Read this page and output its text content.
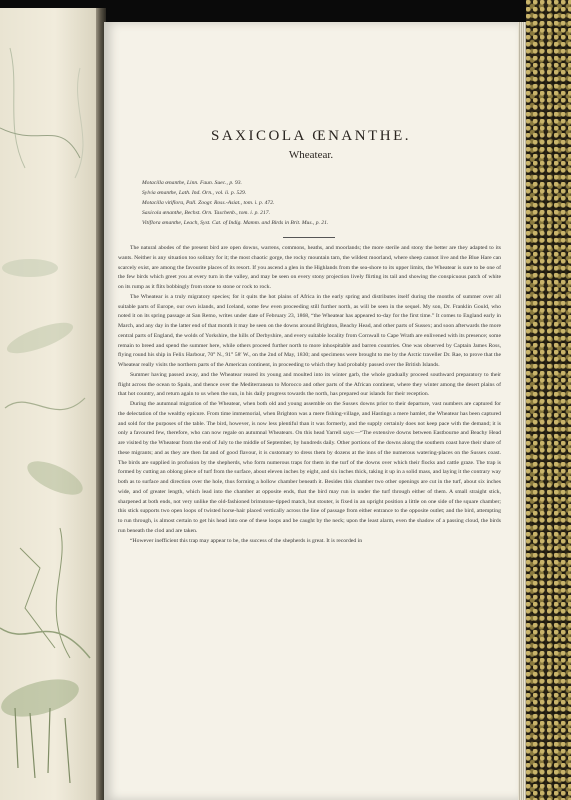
SAXICOLA ŒNANTHE.
Wheatear.
Motacilla œnanthe, Linn. Faun. Suec., p. 93.
Sylvia œnanthe, Lath. Ind. Orn., vol. ii. p. 529.
Motacilla vitiflora, Pall. Zoogr. Ross.-Asiat., tom. i. p. 472.
Saxicola œnanthe, Bechst. Orn. Taschenb., tom. i. p. 217.
Vitiflora œnanthe, Leach, Syst. Cat. of Indig. Mamm. and Birds in Brit. Mus., p. 21.

The natural abodes of the present bird are open downs, warrens, commons, heaths, and moorlands; the more sterile and stony the better are they adapted to its wants. Neither is any situation too solitary for it; the most chaotic gorge, the rocky mountain tarn, the wildest moorland, where sheep cannot live and the Blue Hare can scarcely exist, are among the favourite places of its resort. If you ascend a glen in the Highlands from the sea-shore to its upper limits, the Wheatear is sure to be one of the few birds which greet you at every turn in the valley, and may be seen on every stony projection lively flirting its tail and showing the conspicuous patch of white on its rump as it flits bobbingly from stone to stone or rock to rock.

The Wheatear is a truly migratory species; for it quits the hot plains of Africa in the early spring and distributes itself during the months of summer over all suitable parts of Europe, our own islands, and Iceland, some few even proceeding still further north, as will be seen in the sequel. My son, Dr. Franklin Gould, who noted it on its spring passage at San Remo, writes under date of February 23, 1868, “the Wheatear has appeared to-day for the first time.” It comes to England early in March, and any day in the latter end of that month it may be seen on the downs around Brighton, Beachy Head, and other parts of Sussex; and soon afterwards the more central parts of England, the wolds of Yorkshire, the hills of Derbyshire, and every suitable locality from Cornwall to Cape Wrath are enlivened with its presence; some remain to breed and spend the summer here, while others proceed further north to more inhospitable and barren countries. One was observed by Captain James Ross, flying round his ship in Felix Harbour, 70° N., 91° 58′ W., on the 2nd of May, 1830; and specimens were brought to me by the Arctic traveller Dr. Rae, to prove that the Wheatear really visits the northern parts of the American continent, in proceeding to which they had probably passed over the British Islands.

Summer having passed away, and the Wheatear reared its young and moulted into its winter garb, the whole gradually proceed southward preparatory to their flight across the ocean to Spain, and thence over the Mediterranean to Morocco and other parts of the African continent, where they winter among the desert plains of that hot country, and return again to us when the sun, in his daily progress towards the north, has prepared our islands for their reception.

During the autumnal migration of the Wheatear, when both old and young assemble on the Sussex downs prior to their departure, vast numbers are captured for the delectation of the wealthy epicure. From time immemorial, when Brighton was a mere fishing-village, and Hastings a mere hamlet, the Wheatear has been captured and sold for the purposes of the table. The bird, however, is now less plentiful than it was formerly, and the supply certainly does not keep pace with the demand; it is only a favoured few, therefore, who can now regale on autumnal Wheatears. On this head Yarrell says:—“The extensive downs between Eastbourne and Beachy Head are visited by the Wheatear from the end of July to the middle of September, by hundreds daily. Other portions of the downs along the southern coast have their share of these migrants; and as they are then fat and of good flavour, it is customary to dress them by dozens at the inns of the numerous watering-places on the Sussex coast. The birds are supplied in profusion by the shepherds, who form numerous traps for them in the turf of the downs over which their flocks and cattle graze. The trap is formed by cutting an oblong piece of turf from the surface, about eleven inches by eight, and six inches thick, taking it up in a solid mass, and laying it the contrary way both as to surface and direction over the hole, thus forming a hollow chamber beneath it. Besides this chamber two other openings are cut in the turf, about six inches wide, and of greater length, which lead into the chamber at opposite ends, that the bird may run in under the turf through either of them. A small straight stick, sharpened at both ends, not very unlike the old-fashioned brimstone-tipped match, but stouter, is fixed in an upright position a little on one side of the square chamber; this stick supports two open loops of twisted horse-hair placed vertically across the line of passage from either entrance to the opposite outlet; and the bird, attempting to run through, is almost certain to get his head into one of these loops and be caught by the neck; upon the least alarm, even the shadow of a passing cloud, the birds run beneath the clod and are taken.

“However inefficient this trap may appear to be, the success of the shepherds is great. It is recorded in
